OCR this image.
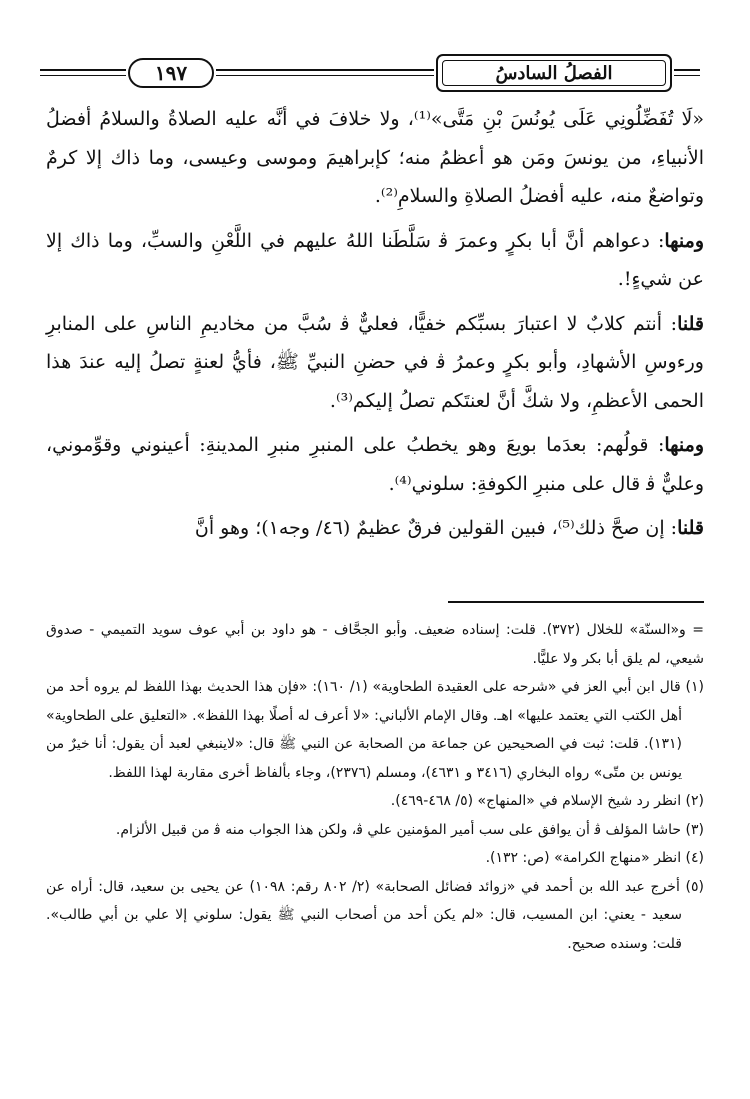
١٩٧	الفصلُ السادسُ

«لَا تُفَضِّلُونِي عَلَى يُونُسَ بْنِ مَتَّى»⁽¹⁾، ولا خلافَ في أنَّه عليه الصلاةُ والسلامُ أفضلُ الأنبياءِ، من يونسَ ومَن هو أعظمُ منه؛ كإبراهيمَ وموسى وعيسى، وما ذاك إلا كرمٌ وتواضعٌ منه، عليه أفضلُ الصلاةِ والسلامِ⁽²⁾.

ومنها: دعواهم أنَّ أبا بكرٍ وعمرَ ﭬ سَلَّطَنا اللهُ عليهم في اللَّعْنِ والسبِّ، وما ذاك إلا عن شيءٍ!.

قلنا: أنتم كلابٌ لا اعتبارَ بسبِّكم خفيًّا، فعليٌّ ﭬ سُبَّ من مخاديمِ الناسِ على المنابرِ ورءوسِ الأشهادِ، وأبو بكرٍ وعمرُ ﭬ في حضنِ النبيِّ ﷺ، فأيُّ لعنةٍ تصلُ إليه عندَ هذا الحمى الأعظمِ، ولا شكَّ أنَّ لعنتَكم تصلُ إليكم⁽³⁾.

ومنها: قولُهم: بعدَما بويعَ وهو يخطبُ على المنبرِ منبرِ المدينةِ: أعينوني وقوِّموني، وعليٌّ ﭬ قال على منبرِ الكوفةِ: سلوني⁽⁴⁾.

قلنا: إن صحَّ ذلك⁽⁵⁾، فبين القولين فرقٌ عظيمٌ (٤٦/ وجه١)؛ وهو أنَّ

= و«السنّة» للخلال (٣٧٢). قلت: إسناده ضعيف. وأبو الجحَّاف - هو داود بن أبي عوف سويد التميمي - صدوق شيعي، لم يلق أبا بكر ولا عليًّا.

(١) قال ابن أبي العز في «شرحه على العقيدة الطحاوية» (١/ ١٦٠): «فإن هذا الحديث بهذا اللفظ لم يروه أحد من أهل الكتب التي يعتمد عليها» اهـ. وقال الإمام الألباني: «لا أعرف له أصلًا بهذا اللفظ». «التعليق على الطحاوية» (١٣١). قلت: ثبت في الصحيحين عن جماعة من الصحابة عن النبي ﷺ قال: «لاينبغي لعبد أن يقول: أنا خيرٌ من يونس بن متّى» رواه البخاري (٣٤١٦ و ٤٦٣١)، ومسلم (٢٣٧٦)، وجاء بألفاظ أخرى مقاربة لهذا اللفظ.

(٢) انظر رد شيخ الإسلام في «المنهاج» (٥/ ٤٦٨-٤٦٩).

(٣) حاشا المؤلف ﭬ أن يوافق على سب أمير المؤمنين علي ﭬ، ولكن هذا الجواب منه ﭬ من قبيل الألزام.

(٤) انظر «منهاج الكرامة» (ص: ١٣٢).

(٥) أخرج عبد الله بن أحمد في «زوائد فضائل الصحابة» (٢/ ٨٠٢ رقم: ١٠٩٨) عن يحيى بن سعيد، قال: أراه عن سعيد - يعني: ابن المسيب، قال: «لم يكن أحد من أصحاب النبي ﷺ يقول: سلوني إلا علي بن أبي طالب». قلت: وسنده صحيح.
